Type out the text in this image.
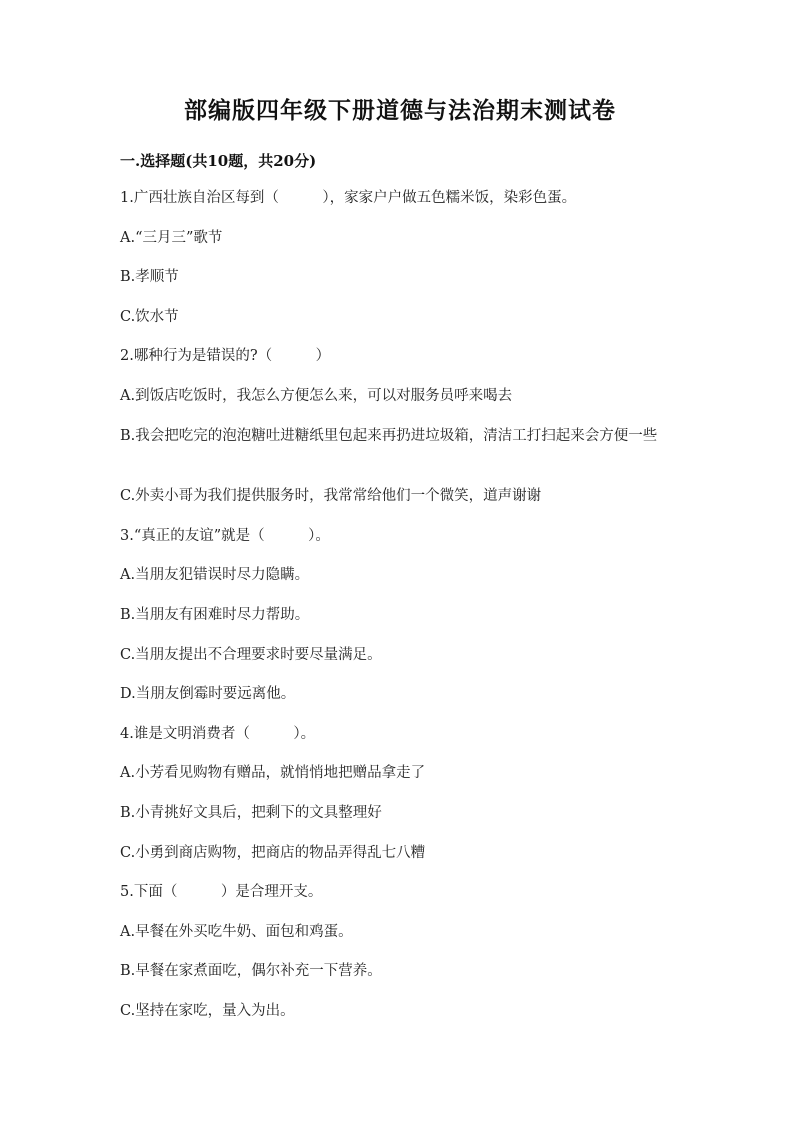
部编版四年级下册道德与法治期末测试卷
一.选择题(共10题，共20分)
1.广西壮族自治区每到（　　　），家家户户做五色糯米饭，染彩色蛋。
A.“三月三”歌节
B.孝顺节
C.饮水节
2.哪种行为是错误的?（　　　）
A.到饭店吃饭时，我怎么方便怎么来，可以对服务员呼来喝去
B.我会把吃完的泡泡糖吐进糖纸里包起来再扔进垃圾箱，清洁工打扫起来会方便一些
C.外卖小哥为我们提供服务时，我常常给他们一个微笑，道声谢谢
3.“真正的友谊”就是（　　　）。
A.当朋友犯错误时尽力隐瞒。
B.当朋友有困难时尽力帮助。
C.当朋友提出不合理要求时要尽量满足。
D.当朋友倒霉时要远离他。
4.谁是文明消费者（　　　）。
A.小芳看见购物有赠品，就悄悄地把赠品拿走了
B.小青挑好文具后，把剩下的文具整理好
C.小勇到商店购物，把商店的物品弄得乱七八糟
5.下面（　　　）是合理开支。
A.早餐在外买吃牛奶、面包和鸡蛋。
B.早餐在家煮面吃，偶尔补充一下营养。
C.坚持在家吃，量入为出。
